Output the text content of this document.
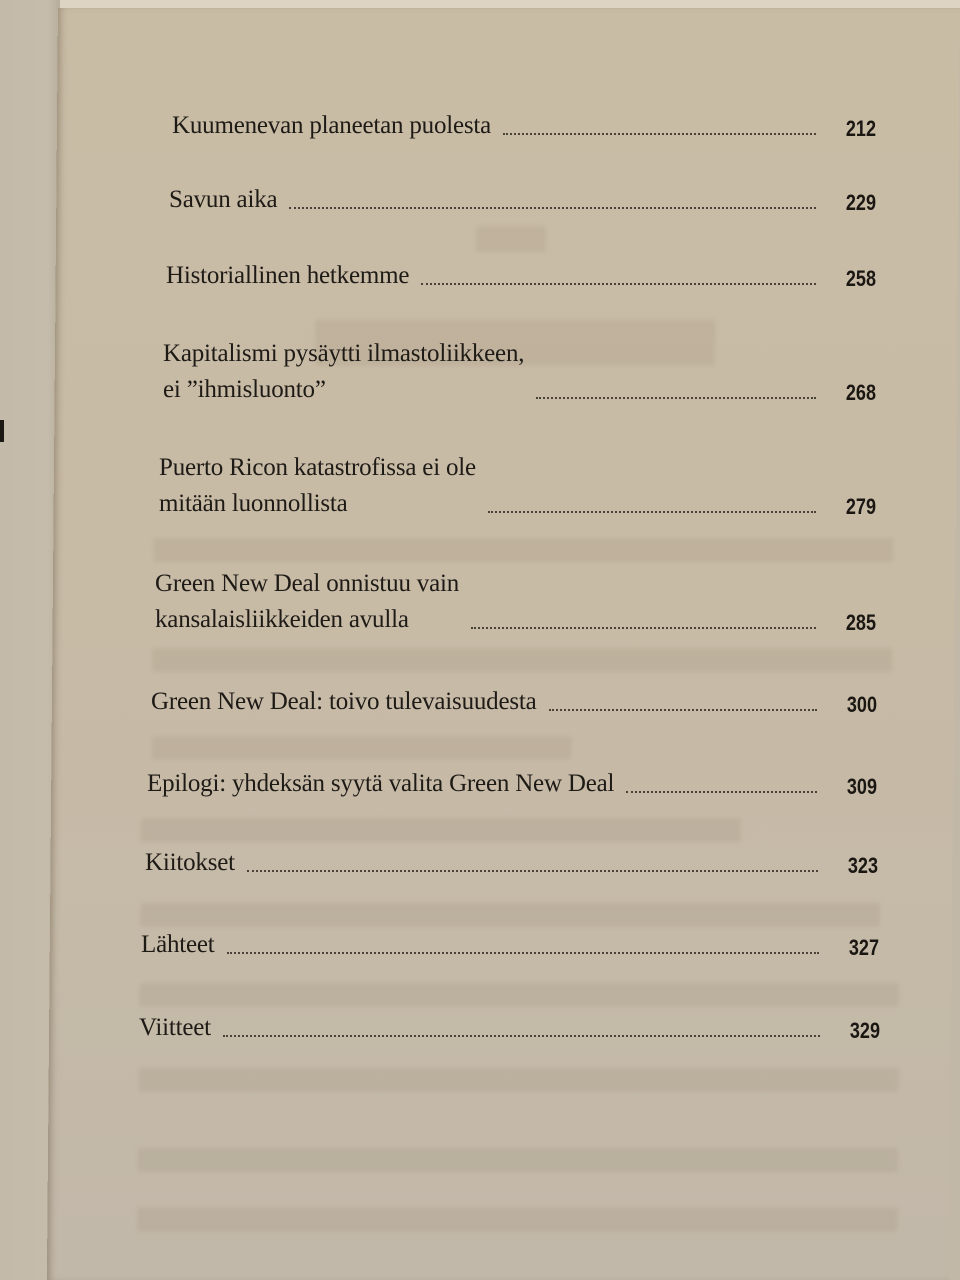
Kuumenevan planeetan puolesta	212
Savun aika	229
Historiallinen hetkemme	258
Kapitalismi pysäytti ilmastoliikkeen,
ei ”ihmisluonto”	268
Puerto Ricon katastrofissa ei ole
mitään luonnollista	279
Green New Deal onnistuu vain
kansalaisliikkeiden avulla	285
Green New Deal: toivo tulevaisuudesta	300
Epilogi: yhdeksän syytä valita Green New Deal	309
Kiitokset	323
Lähteet	327
Viitteet	329
